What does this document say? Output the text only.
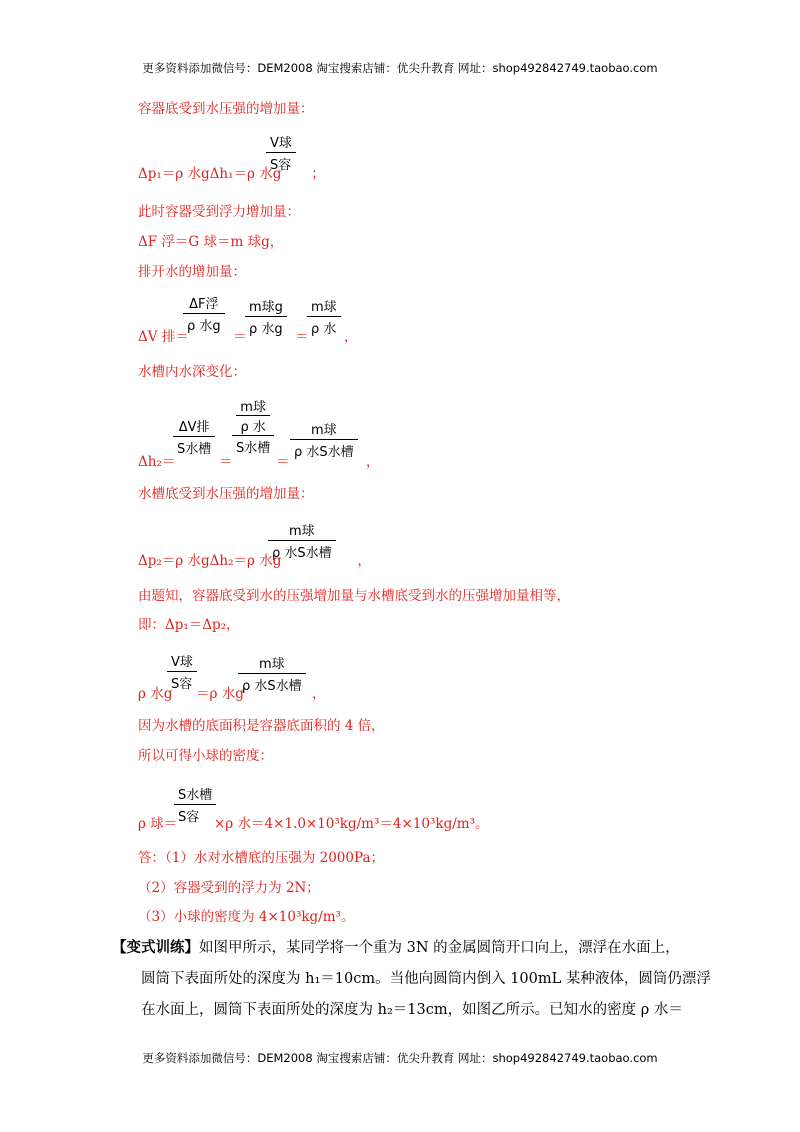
更多资料添加微信号：DEM2008 淘宝搜索店铺：优尖升教育 网址：shop492842749.taobao.com
容器底受到水压强的增加量：
V球
S容
Δp₁＝ρ 水gΔh₁＝ρ 水g ；
此时容器受到浮力增加量：
ΔF 浮＝G 球＝m 球g，
排开水的增加量：
ΔF浮
ρ 水g
m球g
ρ 水g
m球
ρ 水
ΔV 排＝	＝	＝	，
水槽内水深变化：
ΔV排
S水槽
m球
ρ 水
S水槽
m球
ρ 水S水槽
Δh₂＝	＝	＝	，
水槽底受到水压强的增加量：
m球
ρ 水S水槽
Δp₂＝ρ 水gΔh₂＝ρ 水g	，
由题知，容器底受到水的压强增加量与水槽底受到水的压强增加量相等，
即：Δp₁＝Δp₂，
V球
S容
m球
ρ 水S水槽
ρ 水g ＝ρ 水g	，
因为水槽的底面积是容器底面积的 4 倍，
所以可得小球的密度：
S水槽
S容
ρ 球＝	×ρ 水＝4×1.0×10³kg/m³＝4×10³kg/m³。
答：（1）水对水槽底的压强为 2000Pa；
（2）容器受到的浮力为 2N；
（3）小球的密度为 4×10³kg/m³。
【变式训练】如图甲所示，某同学将一个重为 3N 的金属圆筒开口向上，漂浮在水面上，
圆筒下表面所处的深度为 h₁＝10cm。当他向圆筒内倒入 100mL 某种液体，圆筒仍漂浮
在水面上，圆筒下表面所处的深度为 h₂＝13cm，如图乙所示。已知水的密度 ρ 水＝
更多资料添加微信号：DEM2008 淘宝搜索店铺：优尖升教育 网址：shop492842749.taobao.com
